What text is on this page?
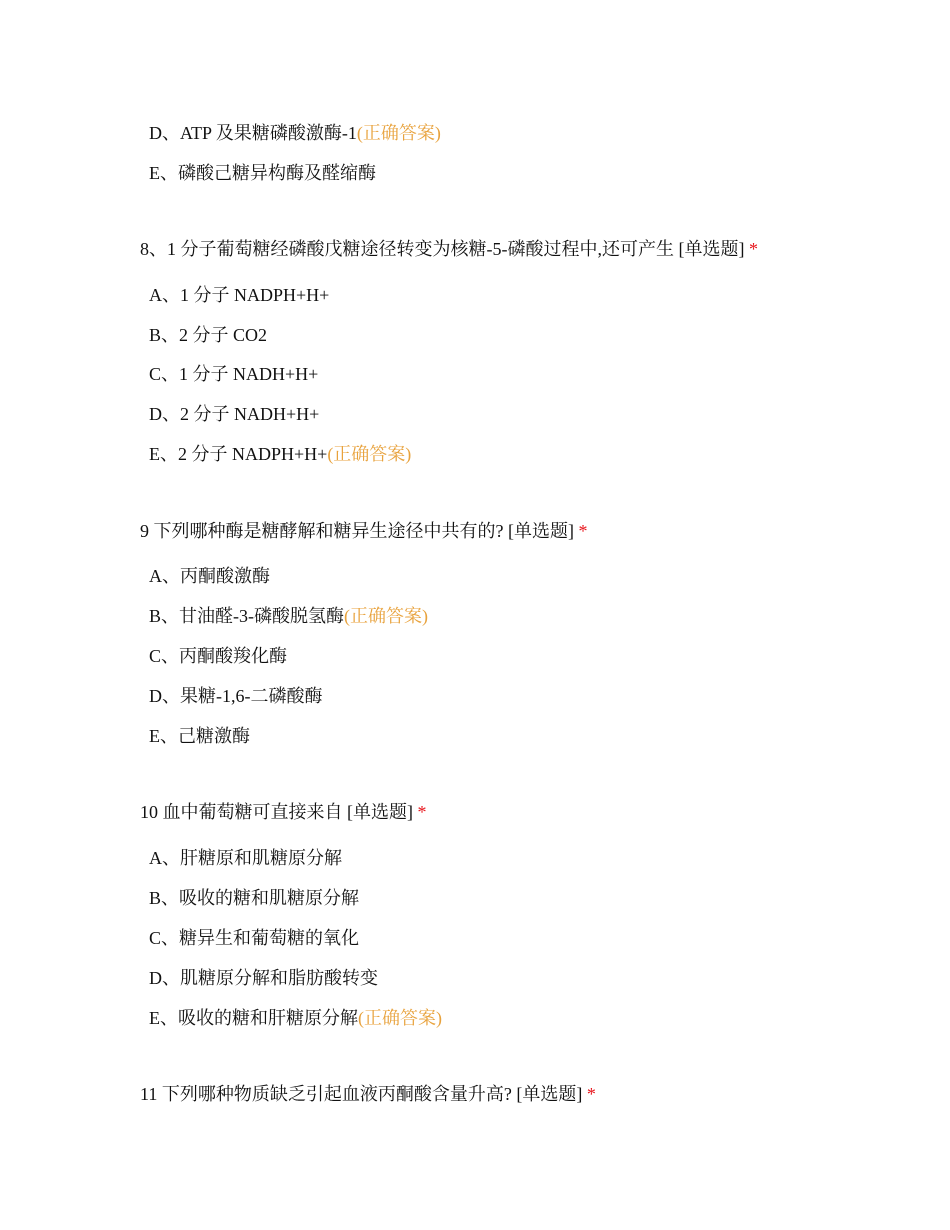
D、ATP 及果糖磷酸激酶-1(正确答案)
E、磷酸己糖异构酶及醛缩酶
8、1 分子葡萄糖经磷酸戊糖途径转变为核糖-5-磷酸过程中,还可产生 [单选题] *
A、1 分子 NADPH+H+
B、2 分子 CO2
C、1 分子 NADH+H+
D、2 分子 NADH+H+
E、2 分子 NADPH+H+(正确答案)
9 下列哪种酶是糖酵解和糖异生途径中共有的? [单选题] *
A、丙酮酸激酶
B、甘油醛-3-磷酸脱氢酶(正确答案)
C、丙酮酸羧化酶
D、果糖-1,6-二磷酸酶
E、己糖激酶
10 血中葡萄糖可直接来自 [单选题] *
A、肝糖原和肌糖原分解
B、吸收的糖和肌糖原分解
C、糖异生和葡萄糖的氧化
D、肌糖原分解和脂肪酸转变
E、吸收的糖和肝糖原分解(正确答案)
11 下列哪种物质缺乏引起血液丙酮酸含量升高? [单选题] *
